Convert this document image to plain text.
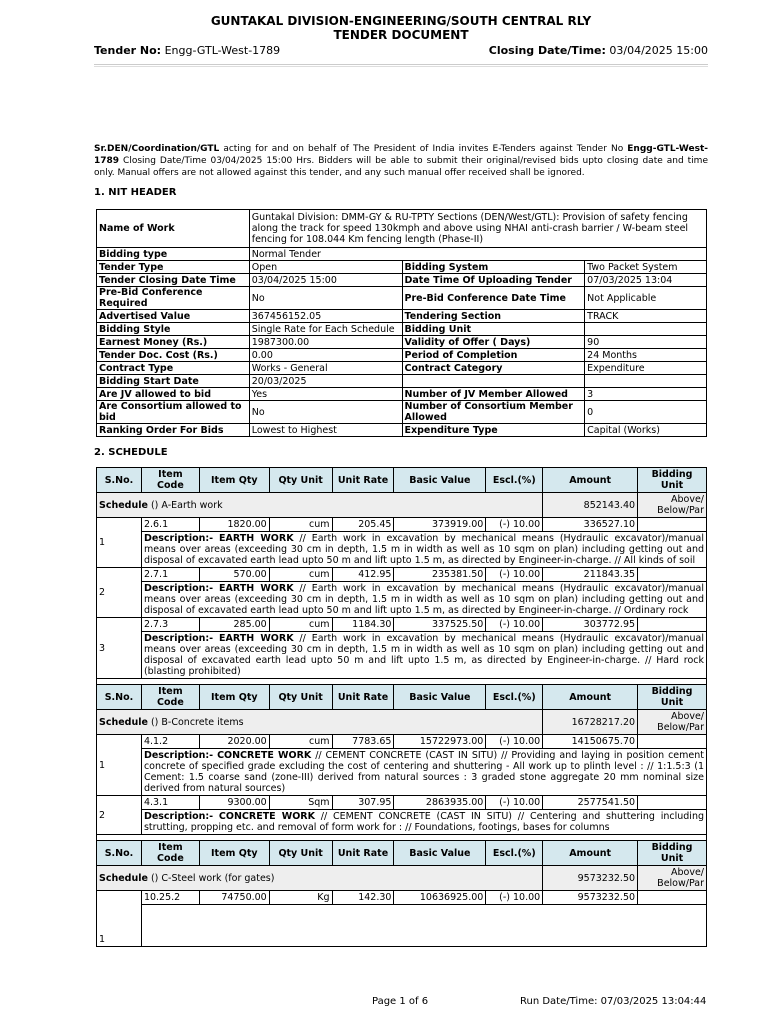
GUNTAKAL DIVISION-ENGINEERING/SOUTH CENTRAL RLY
TENDER DOCUMENT
Tender No: Engg-GTL-West-1789	Closing Date/Time: 03/04/2025 15:00
Sr.DEN/Coordination/GTL acting for and on behalf of The President of India invites E-Tenders against Tender No Engg-GTL-West-1789 Closing Date/Time 03/04/2025 15:00 Hrs. Bidders will be able to submit their original/revised bids upto closing date and time only. Manual offers are not allowed against this tender, and any such manual offer received shall be ignored.
1. NIT HEADER
Name of Work	Guntakal Division: DMM-GY & RU-TPTY Sections (DEN/West/GTL): Provision of safety fencing along the track for speed 130kmph and above using NHAI anti-crash barrier / W-beam steel fencing for 108.044 Km fencing length (Phase-II)		
Bidding type	Normal Tender		
Tender Type	Open	Bidding System	Two Packet System
Tender Closing Date Time	03/04/2025 15:00	Date Time Of Uploading Tender	07/03/2025 13:04
Pre-Bid Conference Required	No	Pre-Bid Conference Date Time	Not Applicable
Advertised Value	367456152.05	Tendering Section	TRACK
Bidding Style	Single Rate for Each Schedule	Bidding Unit	
Earnest Money (Rs.)	1987300.00	Validity of Offer ( Days)	90
Tender Doc. Cost (Rs.)	0.00	Period of Completion	24 Months
Contract Type	Works - General	Contract Category	Expenditure
Bidding Start Date	20/03/2025		
Are JV allowed to bid	Yes	Number of JV Member Allowed	3
Are Consortium allowed to bid	No	Number of Consortium Member Allowed	0
Ranking Order For Bids	Lowest to Highest	Expenditure Type	Capital (Works)
2. SCHEDULE
S.No.	Item Code	Item Qty	Qty Unit	Unit Rate	Basic Value	Escl.(%)	Amount	Bidding Unit
Schedule () A-Earth work							852143.40	Above/ Below/Par
1	2.6.1	1820.00	cum	205.45	373919.00	(-) 10.00	336527.10	
	Description:- EARTH WORK // Earth work in excavation by mechanical means (Hydraulic excavator)/manual means over areas (exceeding 30 cm in depth, 1.5 m in width as well as 10 sqm on plan) including getting out and disposal of excavated earth lead upto 50 m and lift upto 1.5 m, as directed by Engineer-in-charge. // All kinds of soil							
2	2.7.1	570.00	cum	412.95	235381.50	(-) 10.00	211843.35	
	Description:- EARTH WORK // Earth work in excavation by mechanical means (Hydraulic excavator)/manual means over areas (exceeding 30 cm in depth, 1.5 m in width as well as 10 sqm on plan) including getting out and disposal of excavated earth lead upto 50 m and lift upto 1.5 m, as directed by Engineer-in-charge. // Ordinary rock							
3	2.7.3	285.00	cum	1184.30	337525.50	(-) 10.00	303772.95	
	Description:- EARTH WORK // Earth work in excavation by mechanical means (Hydraulic excavator)/manual means over areas (exceeding 30 cm in depth, 1.5 m in width as well as 10 sqm on plan) including getting out and disposal of excavated earth lead upto 50 m and lift upto 1.5 m, as directed by Engineer-in-charge. // Hard rock (blasting prohibited)							

S.No.	Item Code	Item Qty	Qty Unit	Unit Rate	Basic Value	Escl.(%)	Amount	Bidding Unit
Schedule () B-Concrete items							16728217.20	Above/ Below/Par
1	4.1.2	2020.00	cum	7783.65	15722973.00	(-) 10.00	14150675.70	
	Description:- CONCRETE WORK // CEMENT CONCRETE (CAST IN SITU) // Providing and laying in position cement concrete of specified grade excluding the cost of centering and shuttering - All work up to plinth level : // 1:1.5:3 (1 Cement: 1.5 coarse sand (zone-III) derived from natural sources : 3 graded stone aggregate 20 mm nominal size derived from natural sources)							
2	4.3.1	9300.00	Sqm	307.95	2863935.00	(-) 10.00	2577541.50	
	Description:- CONCRETE WORK // CEMENT CONCRETE (CAST IN SITU) // Centering and shuttering including strutting, propping etc. and removal of form work for : // Foundations, footings, bases for columns							

S.No.	Item Code	Item Qty	Qty Unit	Unit Rate	Basic Value	Escl.(%)	Amount	Bidding Unit
Schedule () C-Steel work (for gates)							9573232.50	Above/ Below/Par
1	10.25.2	74750.00	Kg	142.30	10636925.00	(-) 10.00	9573232.50	

Page 1 of 6	Run Date/Time: 07/03/2025 13:04:44
